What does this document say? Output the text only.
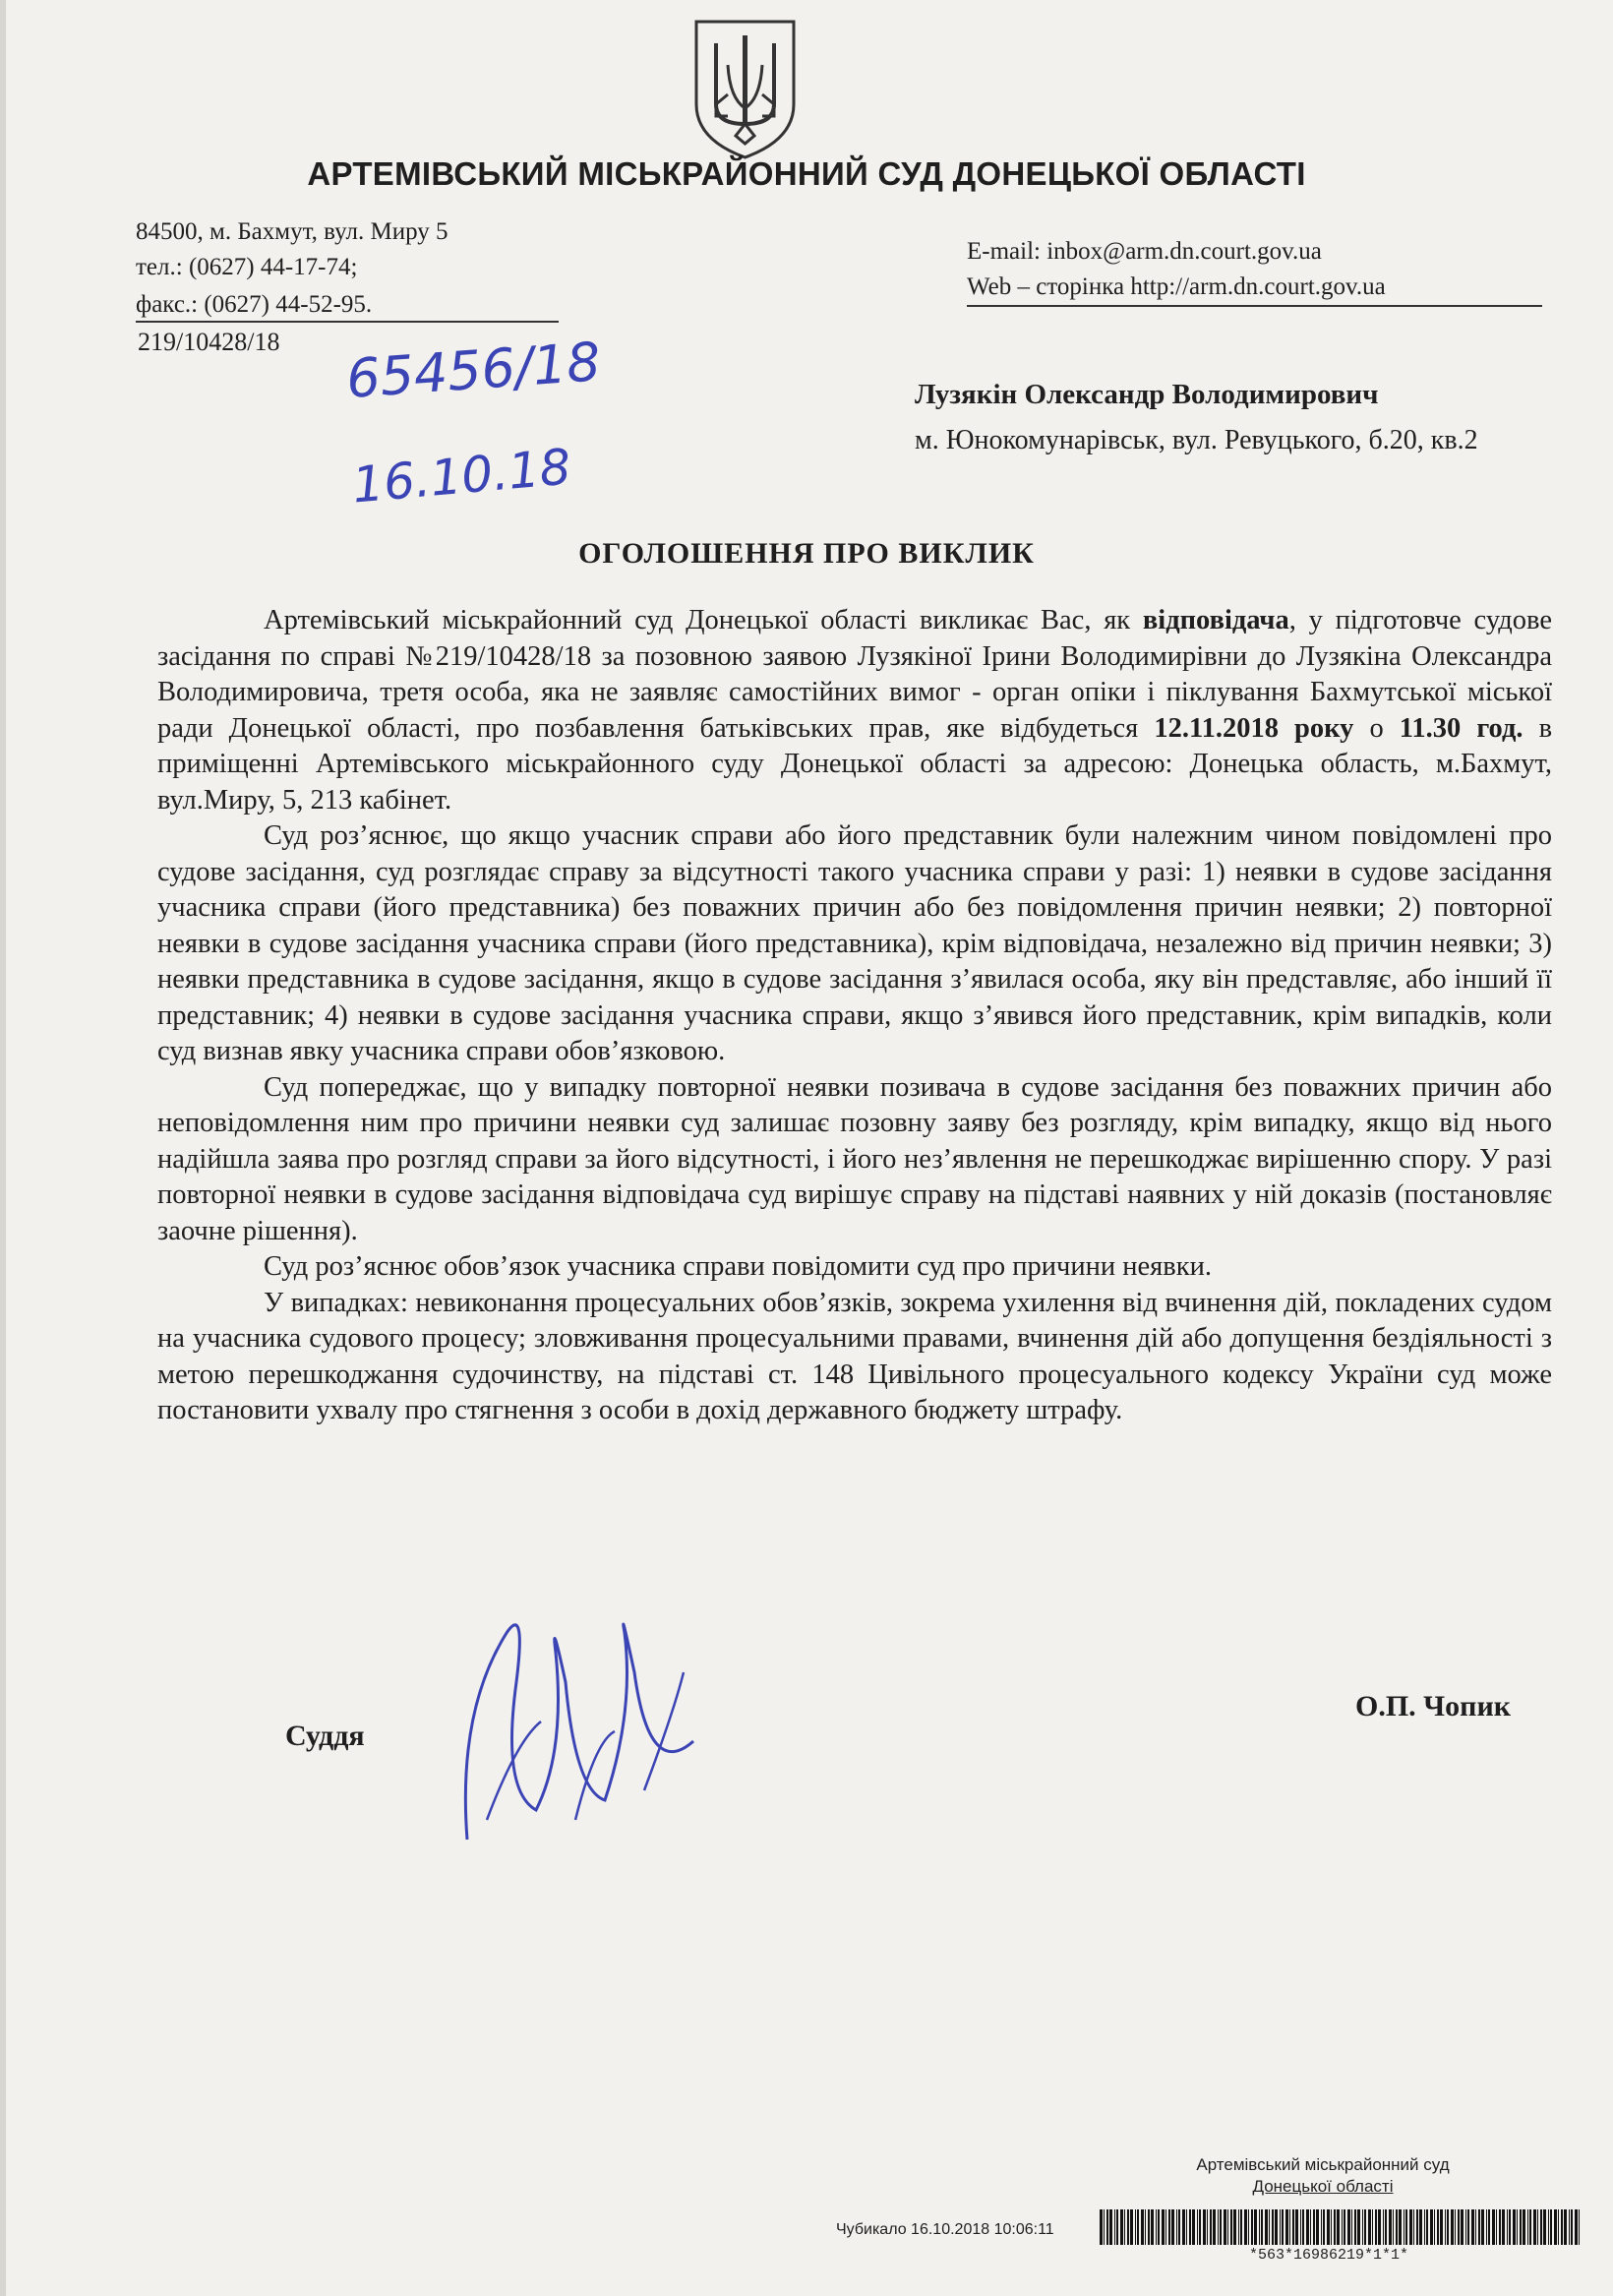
АРТЕМІВСЬКИЙ МІСЬКРАЙОННИЙ СУД ДОНЕЦЬКОЇ ОБЛАСТІ
84500, м. Бахмут, вул. Миру 5
тел.: (0627) 44-17-74;
факс.: (0627) 44-52-95.
E-mail: inbox@arm.dn.court.gov.ua
Web – сторінка http://arm.dn.court.gov.ua
219/10428/18 65456/18
16.10.18
Лузякін Олександр Володимирович
м. Юнокомунарівськ, вул. Ревуцького, б.20, кв.2
ОГОЛОШЕННЯ ПРО ВИКЛИК

Артемівський міськрайонний суд Донецької області викликає Вас, як відповідача, у підготовче судове засідання по справі №219/10428/18 за позовною заявою Лузякіної Ірини Володимирівни до Лузякіна Олександра Володимировича, третя особа, яка не заявляє самостійних вимог - орган опіки і піклування Бахмутської міської ради Донецької області, про позбавлення батьківських прав, яке відбудеться 12.11.2018 року о 11.30 год. в приміщенні Артемівського міськрайонного суду Донецької області за адресою: Донецька область, м.Бахмут, вул.Миру, 5, 213 кабінет.

Суд роз’яснює, що якщо учасник справи або його представник були належним чином повідомлені про судове засідання, суд розглядає справу за відсутності такого учасника справи у разі: 1) неявки в судове засідання учасника справи (його представника) без поважних причин або без повідомлення причин неявки; 2) повторної неявки в судове засідання учасника справи (його представника), крім відповідача, незалежно від причин неявки; 3) неявки представника в судове засідання, якщо в судове засідання з’явилася особа, яку він представляє, або інший її представник; 4) неявки в судове засідання учасника справи, якщо з’явився його представник, крім випадків, коли суд визнав явку учасника справи обов’язковою.

Суд попереджає, що у випадку повторної неявки позивача в судове засідання без поважних причин або неповідомлення ним про причини неявки суд залишає позовну заяву без розгляду, крім випадку, якщо від нього надійшла заява про розгляд справи за його відсутності, і його нез’явлення не перешкоджає вирішенню спору. У разі повторної неявки в судове засідання відповідача суд вирішує справу на підставі наявних у ній доказів (постановляє заочне рішення).

Суд роз’яснює обов’язок учасника справи повідомити суд про причини неявки.

У випадках: невиконання процесуальних обов’язків, зокрема ухилення від вчинення дій, покладених судом на учасника судового процесу; зловживання процесуальними правами, вчинення дій або допущення бездіяльності з метою перешкоджання судочинству, на підставі ст. 148 Цивільного процесуального кодексу України суд може постановити ухвалу про стягнення з особи в дохід державного бюджету штрафу.

Суддя
О.П. Чопик
Артемівський міськрайонний суд
Донецької області
Чубикало 16.10.2018 10:06:11
*563*16986219*1*1*
